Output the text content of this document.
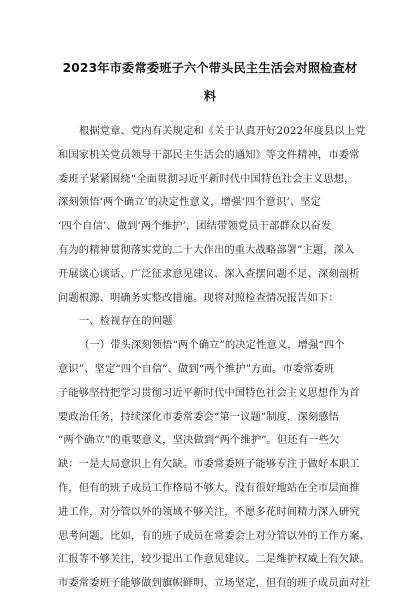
2023年市委常委班子六个带头民主生活会对照检查材
料
根据党章、党内有关规定和《关于认真开好2022年度县以上党
和国家机关党员领导干部民主生活会的通知》等文件精神，市委常
委班子紧紧围绕“全面贯彻习近平新时代中国特色社会主义思想，
深刻领悟‘两个确立’的决定性意义，增强‘四个意识’、坚定
‘四个自信’、做到‘两个维护’，团结带领党员干部群众以奋发
有为的精神贯彻落实党的二十大作出的重大战略部署”主题，深入
开展谈心谈话、广泛征求意见建议、深入查摆问题不足、深刻剖析
问题根源、明确务实整改措施。现将对照检查情况报告如下：
一、检视存在的问题
（一）带头深刻领悟“两个确立”的决定性意义，增强“四个
意识”、坚定“四个自信”、做到“两个维护”方面。市委常委班
子能够坚持把学习贯彻习近平新时代中国特色社会主义思想作为首
要政治任务，持续深化市委常委会“第一议题”制度，深刻感悟
“两个确立”的重要意义，坚决做到“两个维护”。但还有一些欠
缺：一是大局意识上有欠缺。市委常委班子能够专注于做好本职工
作，但有的班子成员工作格局不够大，没有很好地站在全市层面推
进工作，对分管以外的领域不够关注，不愿多花时间精力深入研究
思考问题。比如，有的班子成员在常委会上对分管以外的工作方案、
汇报等不够关注，较少提出工作意见建议。二是维护权威上有欠缺。
市委常委班子能够做到旗帜鲜明、立场坚定，但有的班子成员面对社
